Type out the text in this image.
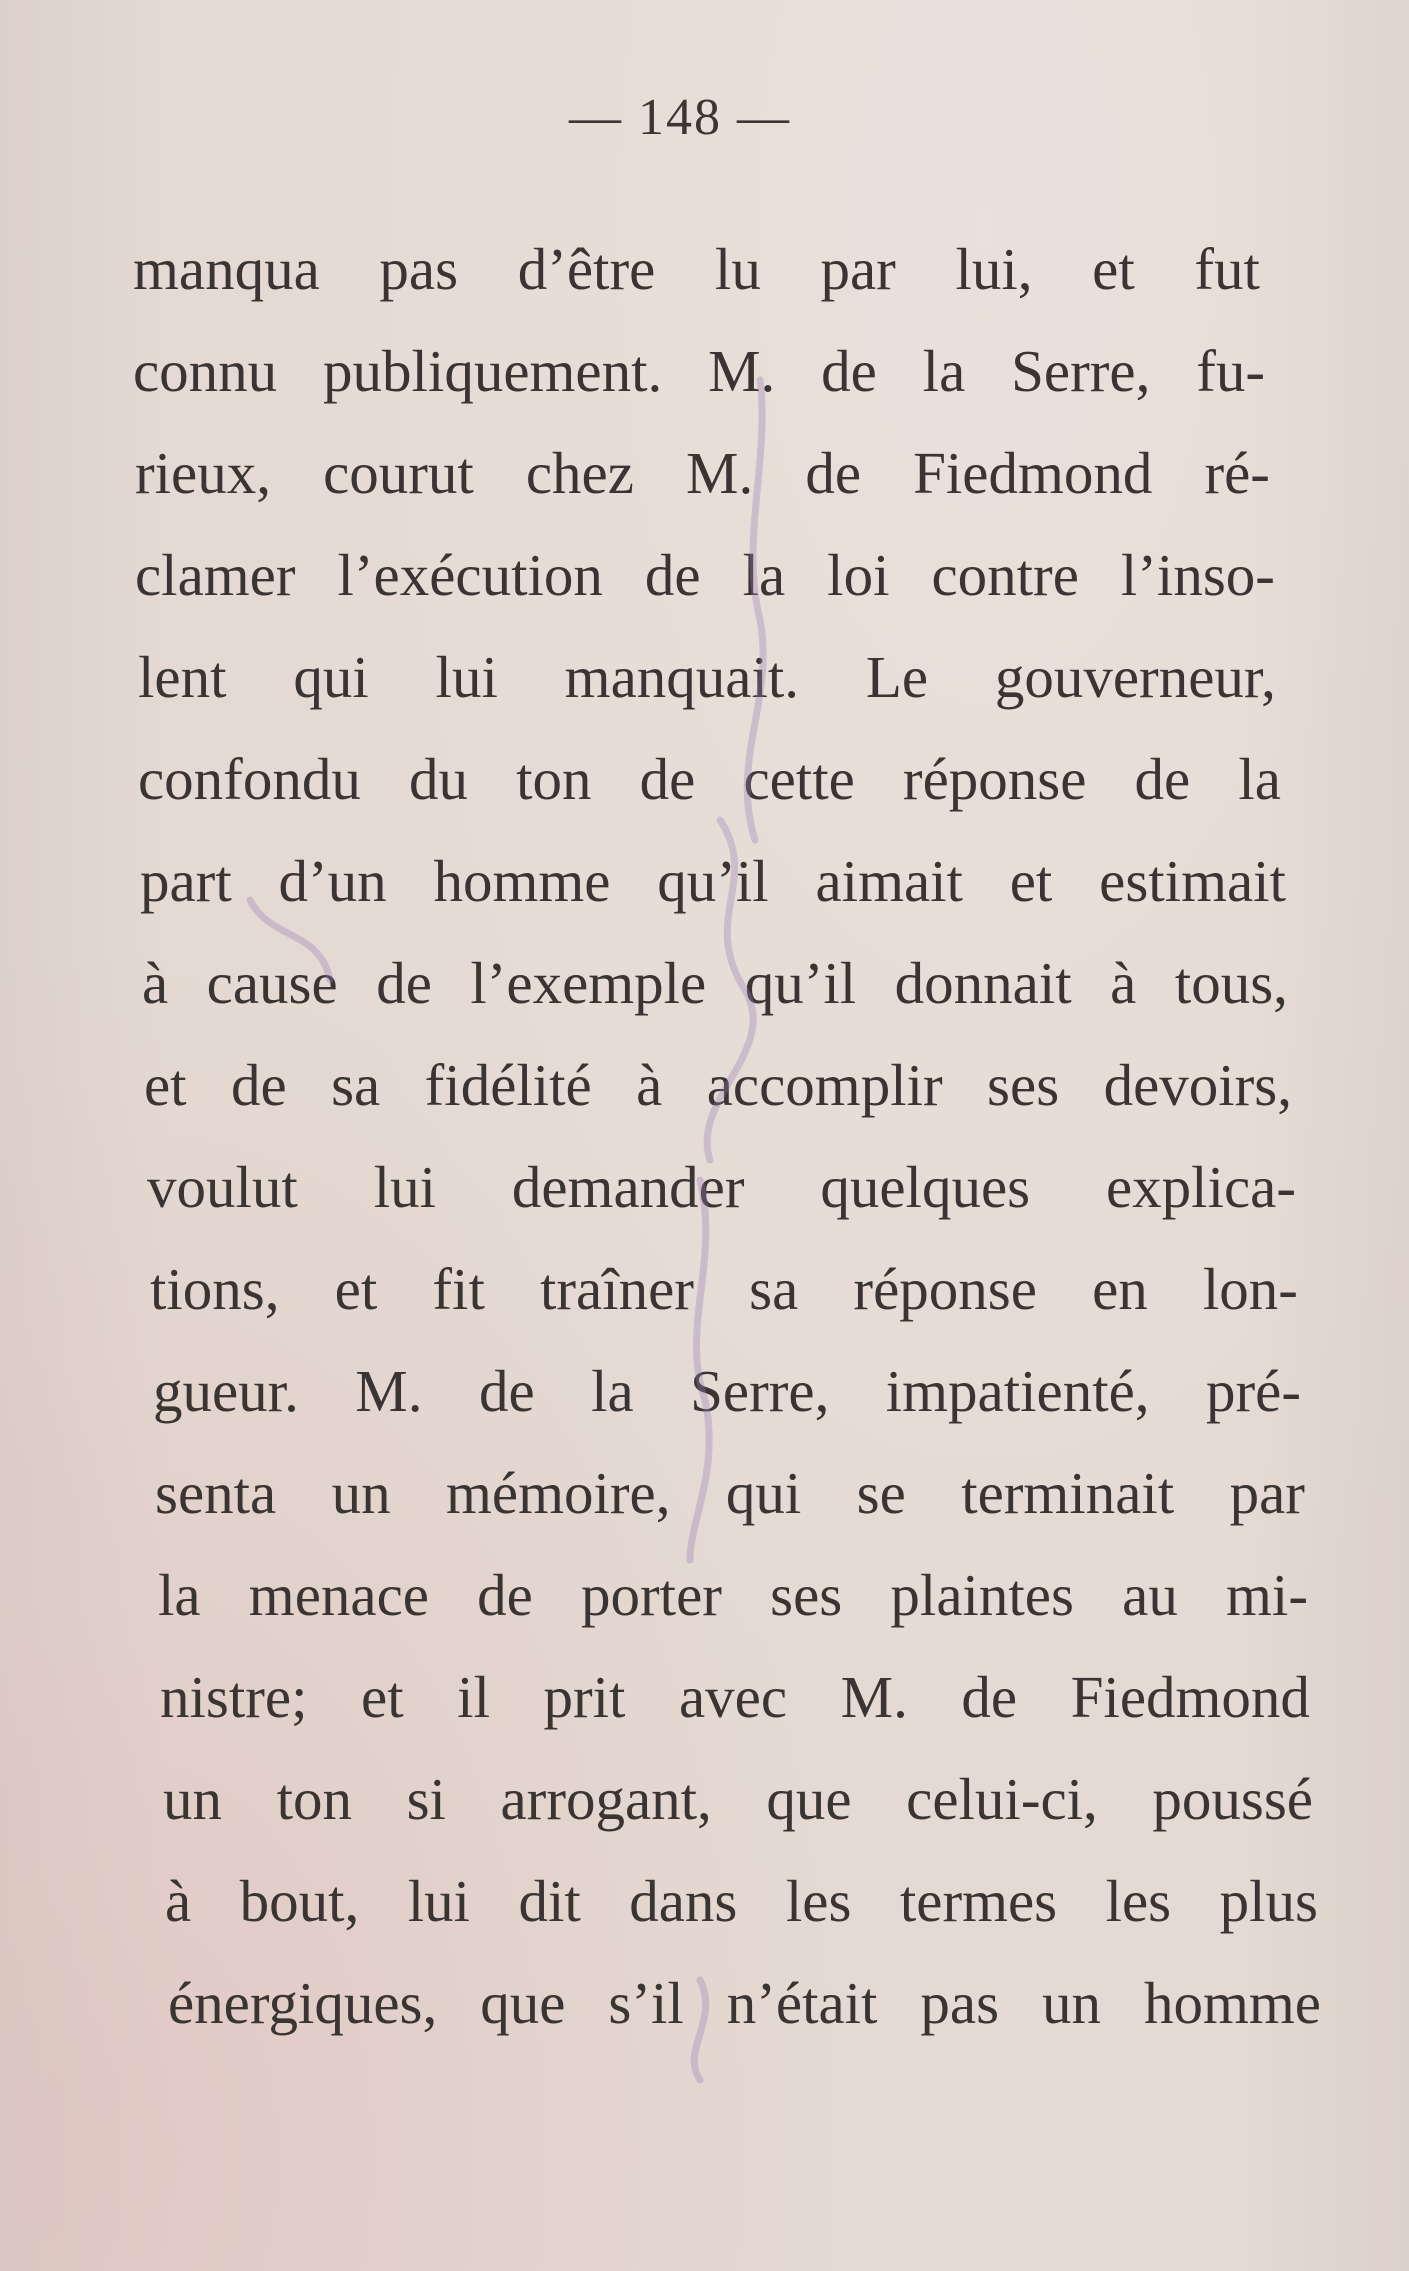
— 148 —
manqua pas d’être lu par lui, et fut
connu publiquement. M. de la Serre, fu-
rieux, courut chez M. de Fiedmond ré-
clamer l’exécution de la loi contre l’inso-
lent qui lui manquait. Le gouverneur,
confondu du ton de cette réponse de la
part d’un homme qu’il aimait et estimait
à cause de l’exemple qu’il donnait à tous,
et de sa fidélité à accomplir ses devoirs,
voulut lui demander quelques explica-
tions, et fit traîner sa réponse en lon-
gueur. M. de la Serre, impatienté, pré-
senta un mémoire, qui se terminait par
la menace de porter ses plaintes au mi-
nistre; et il prit avec M. de Fiedmond
un ton si arrogant, que celui-ci, poussé
à bout, lui dit dans les termes les plus
énergiques, que s’il n’était pas un homme
